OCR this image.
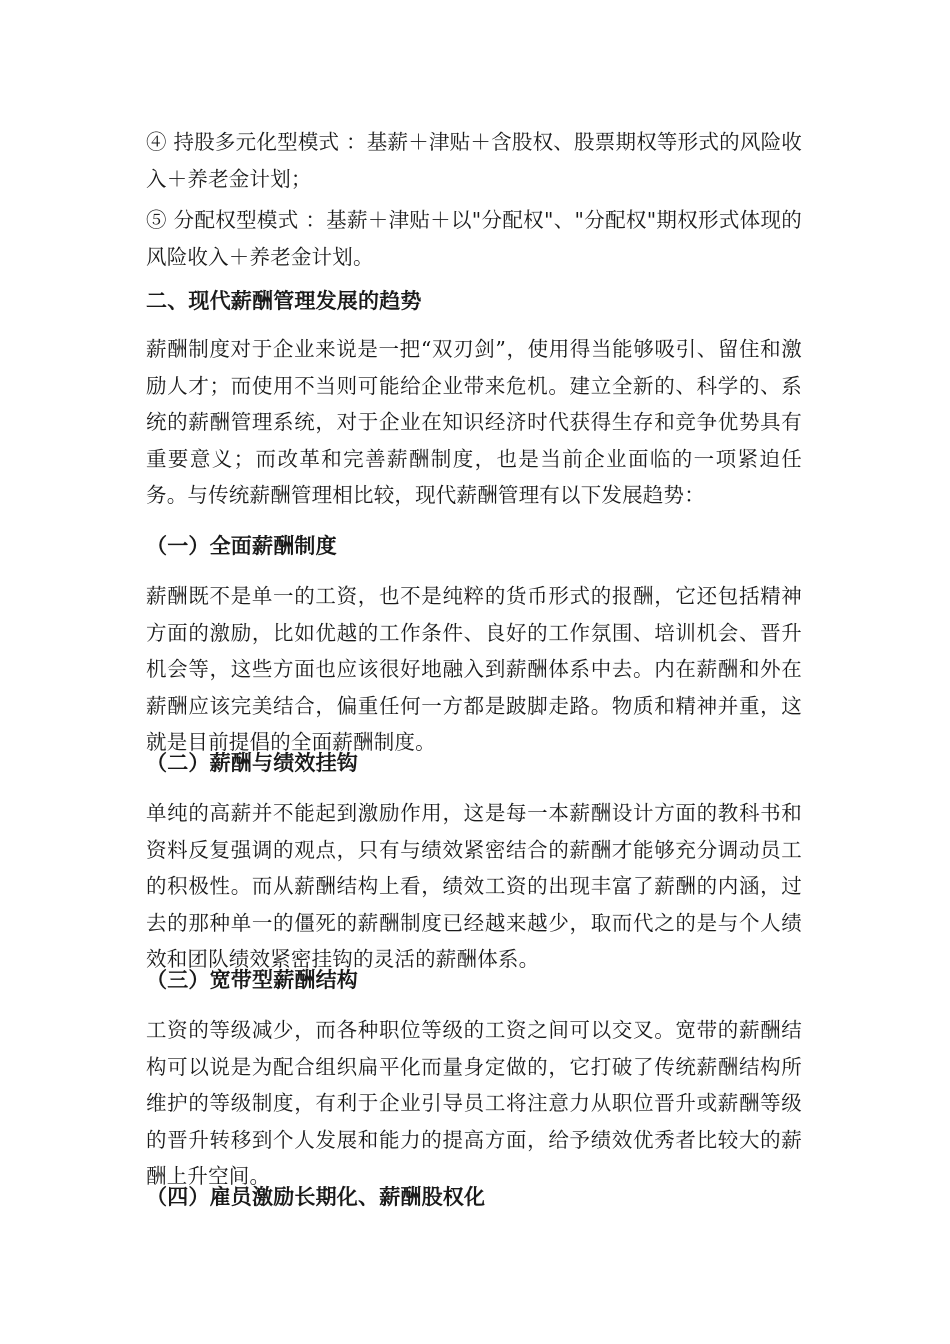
④ 持股多元化型模式 ：基薪＋津贴＋含股权、股票期权等形式的风险收入＋养老金计划；

⑤ 分配权型模式 ：基薪＋津贴＋以"分配权"、"分配权"期权形式体现的风险收入＋养老金计划。

二、现代薪酬管理发展的趋势

薪酬制度对于企业来说是一把“双刃剑”，使用得当能够吸引、留住和激励人才；而使用不当则可能给企业带来危机。建立全新的、科学的、系统的薪酬管理系统，对于企业在知识经济时代获得生存和竞争优势具有重要意义；而改革和完善薪酬制度，也是当前企业面临的一项紧迫任务。与传统薪酬管理相比较，现代薪酬管理有以下发展趋势：

（一）全面薪酬制度

薪酬既不是单一的工资，也不是纯粹的货币形式的报酬，它还包括精神方面的激励，比如优越的工作条件、良好的工作氛围、培训机会、晋升机会等，这些方面也应该很好地融入到薪酬体系中去。内在薪酬和外在薪酬应该完美结合，偏重任何一方都是跛脚走路。物质和精神并重，这就是目前提倡的全面薪酬制度。

（二）薪酬与绩效挂钩

单纯的高薪并不能起到激励作用，这是每一本薪酬设计方面的教科书和资料反复强调的观点，只有与绩效紧密结合的薪酬才能够充分调动员工的积极性。而从薪酬结构上看，绩效工资的出现丰富了薪酬的内涵，过去的那种单一的僵死的薪酬制度已经越来越少，取而代之的是与个人绩效和团队绩效紧密挂钩的灵活的薪酬体系。

（三）宽带型薪酬结构

工资的等级减少，而各种职位等级的工资之间可以交叉。宽带的薪酬结构可以说是为配合组织扁平化而量身定做的，它打破了传统薪酬结构所维护的等级制度，有利于企业引导员工将注意力从职位晋升或薪酬等级的晋升转移到个人发展和能力的提高方面，给予绩效优秀者比较大的薪酬上升空间。

（四）雇员激励长期化、薪酬股权化
